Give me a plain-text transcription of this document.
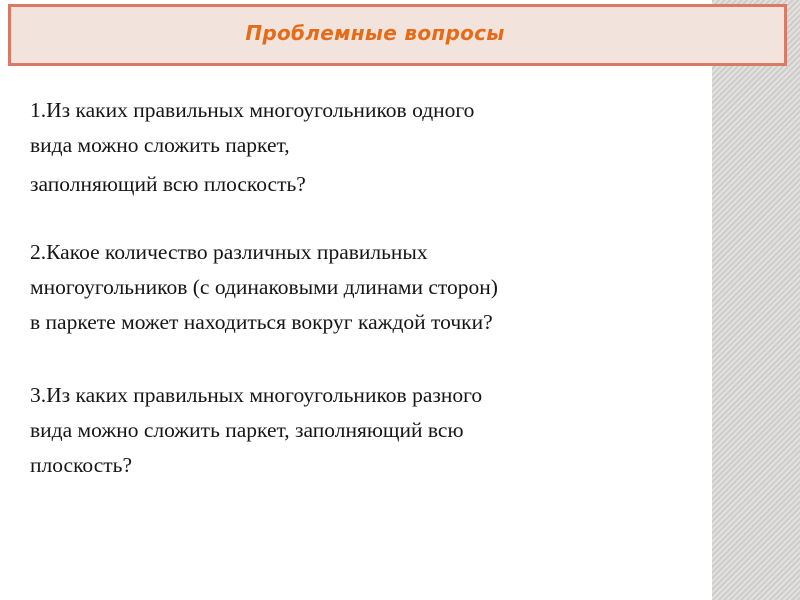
Проблемные вопросы
1.Из каких правильных многоугольников одного
вида можно сложить паркет,
заполняющий всю плоскость?
2.Какое количество различных правильных
многоугольников (с одинаковыми длинами сторон)
в паркете может находиться вокруг каждой точки?
3.Из каких правильных многоугольников разного
вида можно сложить паркет, заполняющий всю
плоскость?
